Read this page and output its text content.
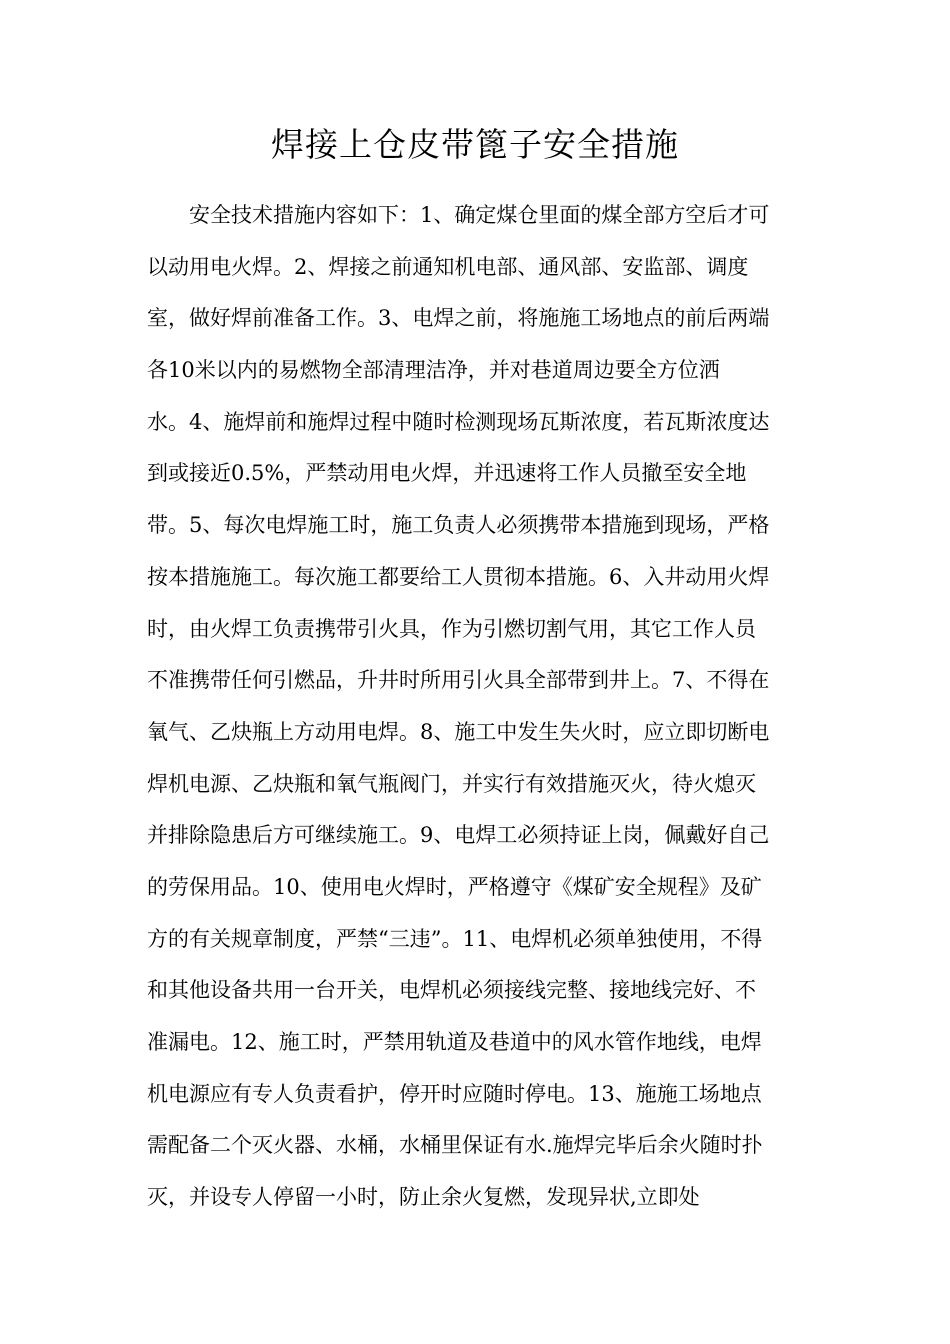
焊接上仓皮带篦子安全措施
安全技术措施内容如下：1、确定煤仓里面的煤全部方空后才可
以动用电火焊。2、焊接之前通知机电部、通风部、安监部、调度
室，做好焊前准备工作。3、电焊之前，将施施工场地点的前后两端
各10米以内的易燃物全部清理洁净，并对巷道周边要全方位洒
水。4、施焊前和施焊过程中随时检测现场瓦斯浓度，若瓦斯浓度达
到或接近0.5%，严禁动用电火焊，并迅速将工作人员撤至安全地
带。5、每次电焊施工时，施工负责人必须携带本措施到现场，严格
按本措施施工。每次施工都要给工人贯彻本措施。6、入井动用火焊
时，由火焊工负责携带引火具，作为引燃切割气用，其它工作人员
不准携带任何引燃品，升井时所用引火具全部带到井上。7、不得在
氧气、乙炔瓶上方动用电焊。8、施工中发生失火时，应立即切断电
焊机电源、乙炔瓶和氧气瓶阀门，并实行有效措施灭火，待火熄灭
并排除隐患后方可继续施工。9、电焊工必须持证上岗，佩戴好自己
的劳保用品。10、使用电火焊时，严格遵守《煤矿安全规程》及矿
方的有关规章制度，严禁“三违”。11、电焊机必须单独使用，不得
和其他设备共用一台开关，电焊机必须接线完整、接地线完好、不
准漏电。12、施工时，严禁用轨道及巷道中的风水管作地线，电焊
机电源应有专人负责看护，停开时应随时停电。13、施施工场地点
需配备二个灭火器、水桶，水桶里保证有水.施焊完毕后余火随时扑
灭，并设专人停留一小时，防止余火复燃，发现异状,立即处
